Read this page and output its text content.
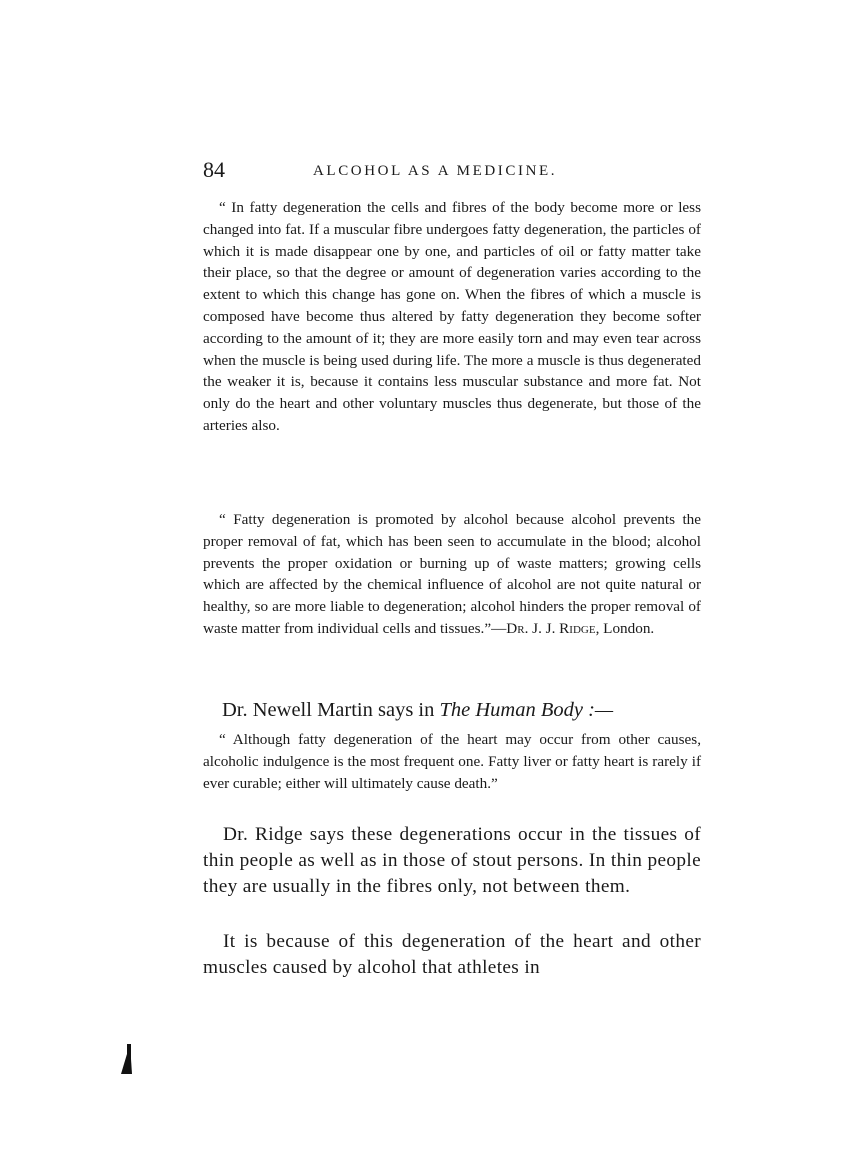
84	ALCOHOL AS A MEDICINE.

“ In fatty degeneration the cells and fibres of the body become more or less changed into fat. If a muscular fibre undergoes fatty degeneration, the particles of which it is made disappear one by one, and particles of oil or fatty matter take their place, so that the degree or amount of degeneration varies according to the extent to which this change has gone on. When the fibres of which a muscle is composed have become thus altered by fatty degeneration they become softer according to the amount of it; they are more easily torn and may even tear across when the muscle is being used during life. The more a muscle is thus degenerated the weaker it is, because it contains less muscular substance and more fat. Not only do the heart and other voluntary muscles thus degenerate, but those of the arteries also.

“ Fatty degeneration is promoted by alcohol because alcohol prevents the proper removal of fat, which has been seen to accumulate in the blood; alcohol prevents the proper oxidation or burning up of waste matters; growing cells which are affected by the chemical influence of alcohol are not quite natural or healthy, so are more liable to degeneration; alcohol hinders the proper removal of waste matter from individual cells and tissues.”—Dr. J. J. Ridge, London.

Dr. Newell Martin says in The Human Body :—

“ Although fatty degeneration of the heart may occur from other causes, alcoholic indulgence is the most frequent one. Fatty liver or fatty heart is rarely if ever curable; either will ultimately cause death.”

Dr. Ridge says these degenerations occur in the tissues of thin people as well as in those of stout persons. In thin people they are usually in the fibres only, not between them.

It is because of this degeneration of the heart and other muscles caused by alcohol that athletes in
